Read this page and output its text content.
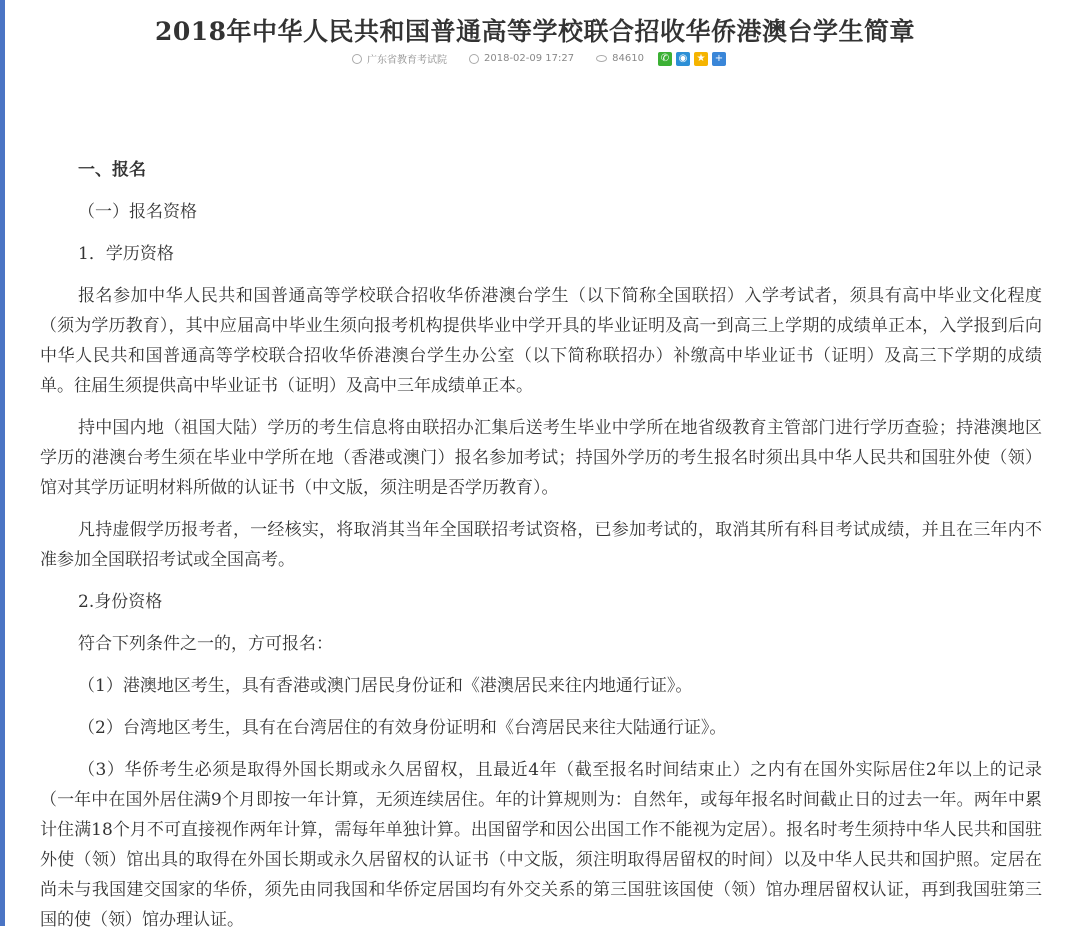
2018年中华人民共和国普通高等学校联合招收华侨港澳台学生简章
广东省教育考试院	2018-02-09 17:27	84610 ✆ ◉ ★ +

一、报名

（一）报名资格

1．学历资格

报名参加中华人民共和国普通高等学校联合招收华侨港澳台学生（以下简称全国联招）入学考试者，须具有高中毕业文化程度（须为学历教育），其中应届高中毕业生须向报考机构提供毕业中学开具的毕业证明及高一到高三上学期的成绩单正本，入学报到后向中华人民共和国普通高等学校联合招收华侨港澳台学生办公室（以下简称联招办）补缴高中毕业证书（证明）及高三下学期的成绩单。往届生须提供高中毕业证书（证明）及高中三年成绩单正本。

持中国内地（祖国大陆）学历的考生信息将由联招办汇集后送考生毕业中学所在地省级教育主管部门进行学历查验；持港澳地区学历的港澳台考生须在毕业中学所在地（香港或澳门）报名参加考试；持国外学历的考生报名时须出具中华人民共和国驻外使（领）馆对其学历证明材料所做的认证书（中文版，须注明是否学历教育）。

凡持虚假学历报考者，一经核实，将取消其当年全国联招考试资格，已参加考试的，取消其所有科目考试成绩，并且在三年内不准参加全国联招考试或全国高考。

2.身份资格

符合下列条件之一的，方可报名：

（1）港澳地区考生，具有香港或澳门居民身份证和《港澳居民来往内地通行证》。

（2）台湾地区考生，具有在台湾居住的有效身份证明和《台湾居民来往大陆通行证》。

（3）华侨考生必须是取得外国长期或永久居留权，且最近4年（截至报名时间结束止）之内有在国外实际居住2年以上的记录（一年中在国外居住满9个月即按一年计算，无须连续居住。年的计算规则为：自然年，或每年报名时间截止日的过去一年。两年中累计住满18个月不可直接视作两年计算，需每年单独计算。出国留学和因公出国工作不能视为定居）。报名时考生须持中华人民共和国驻外使（领）馆出具的取得在外国长期或永久居留权的认证书（中文版，须注明取得居留权的时间）以及中华人民共和国护照。定居在尚未与我国建交国家的华侨，须先由同我国和华侨定居国均有外交关系的第三国驻该国使（领）馆办理居留权认证，再到我国驻第三国的使（领）馆办理认证。
